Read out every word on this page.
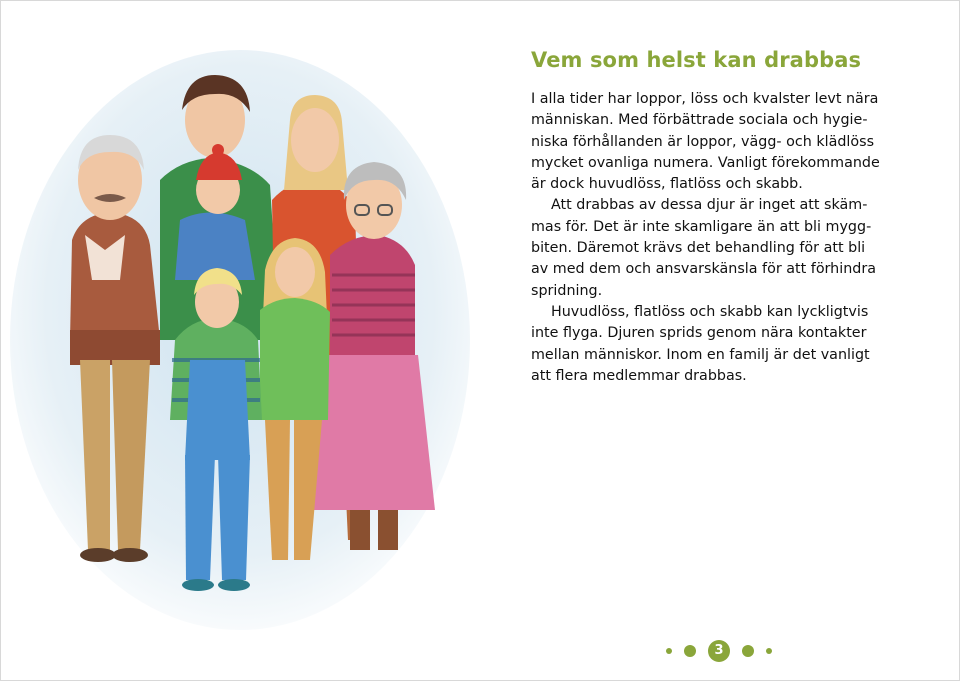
Vem som helst kan drabbas
I alla tider har loppor, löss och kvalster levt nära
människan. Med förbättrade sociala och hygie-
niska förhållanden är loppor, vägg- och klädlöss
mycket ovanliga numera. Vanligt förekommande
är dock huvudlöss, flatlöss och skabb.
Att drabbas av dessa djur är inget att skäm-
mas för. Det är inte skamligare än att bli mygg-
biten. Däremot krävs det behandling för att bli
av med dem och ansvarskänsla för att förhindra
spridning.
Huvudlöss, flatlöss och skabb kan lyckligtvis
inte flyga. Djuren sprids genom nära kontakter
mellan människor. Inom en familj är det vanligt
att flera medlemmar drabbas.
3
